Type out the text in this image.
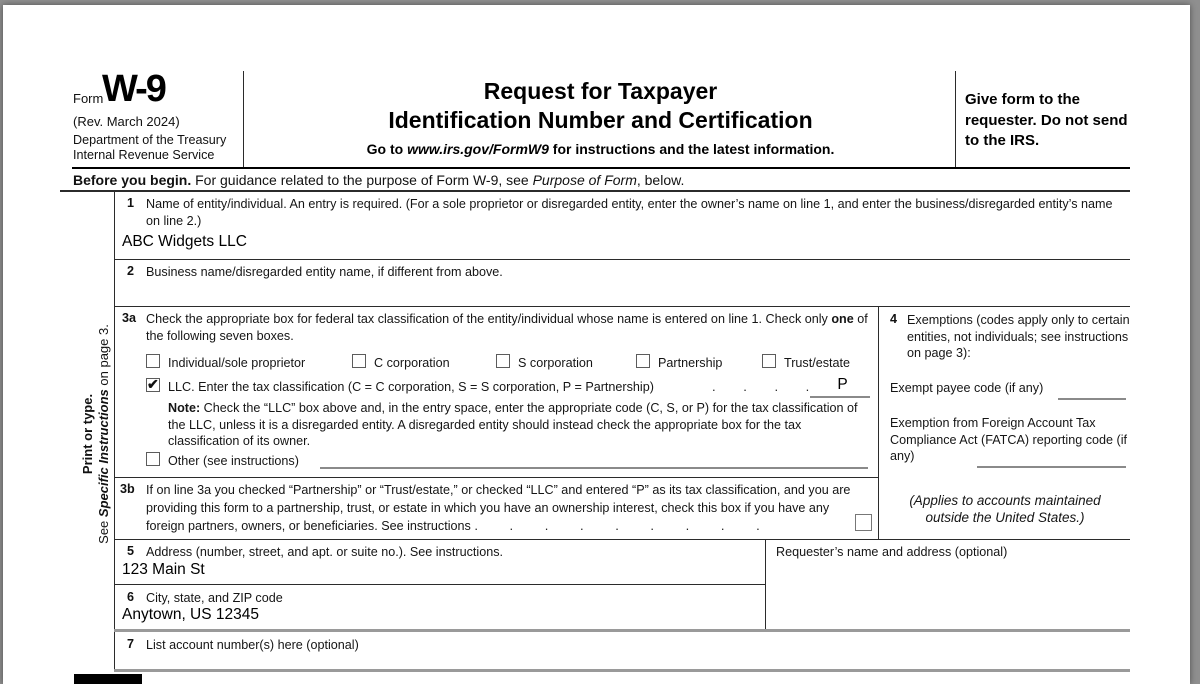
Form
W-9
(Rev. March 2024)
Department of the Treasury
Internal Revenue Service
Request for Taxpayer
Identification Number and Certification
Go to www.irs.gov/FormW9 for instructions and the latest information.
Give form to the requester. Do not send to the IRS.
Before you begin. For guidance related to the purpose of Form W-9, see Purpose of Form, below.
Print or type.
See Specific Instructions on page 3.
1 Name of entity/individual. An entry is required. (For a sole proprietor or disregarded entity, enter the owner’s name on line 1, and enter the business/disregarded entity’s name on line 2.)
ABC Widgets LLC
2 Business name/disregarded entity name, if different from above.
3a Check the appropriate box for federal tax classification of the entity/individual whose name is entered on line 1. Check only one of the following seven boxes.
Individual/sole proprietor	C corporation	S corporation	Partnership	Trust/estate
✔ LLC. Enter the tax classification (C = C corporation, S = S corporation, P = Partnership)	. . . .	P
Note: Check the “LLC” box above and, in the entry space, enter the appropriate code (C, S, or P) for the tax classification of the LLC, unless it is a disregarded entity. A disregarded entity should instead check the appropriate box for the tax classification of its owner.
Other (see instructions)
3b If on line 3a you checked “Partnership” or “Trust/estate,” or checked “LLC” and entered “P” as its tax classification, and you are providing this form to a partnership, trust, or estate in which you have an ownership interest, check this box if you have any foreign partners, owners, or beneficiaries. See instructions . . . . . . . . .
4 Exemptions (codes apply only to certain entities, not individuals; see instructions on page 3):
Exempt payee code (if any)
Exemption from Foreign Account Tax Compliance Act (FATCA) reporting code (if any)
(Applies to accounts maintained outside the United States.)
5 Address (number, street, and apt. or suite no.). See instructions.
123 Main St
Requester’s name and address (optional)
6 City, state, and ZIP code
Anytown, US 12345
7 List account number(s) here (optional)
